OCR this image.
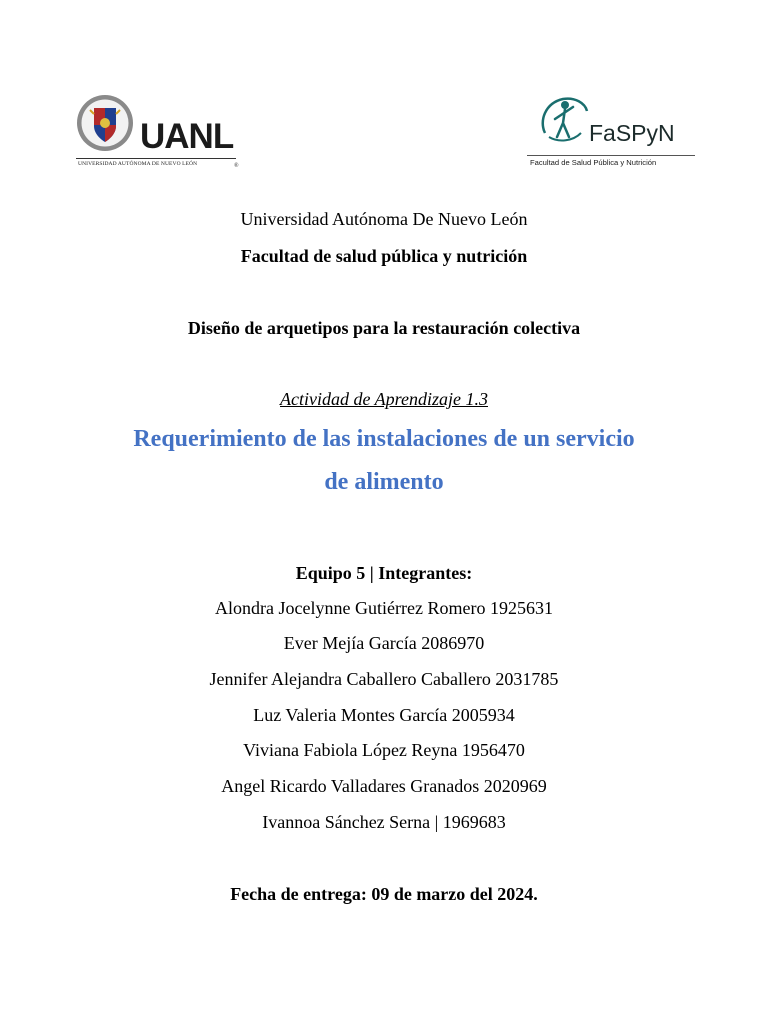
UANL
UNIVERSIDAD AUTÓNOMA DE NUEVO LEÓN	®
FaSPyN
Facultad de Salud Pública y Nutrición
Universidad Autónoma De Nuevo León
Facultad de salud pública y nutrición
Diseño de arquetipos para la restauración colectiva
Actividad de Aprendizaje 1.3
Requerimiento de las instalaciones de un servicio
de alimento
Equipo 5 | Integrantes:
Alondra Jocelynne Gutiérrez Romero 1925631
Ever Mejía García 2086970
Jennifer Alejandra Caballero Caballero 2031785
Luz Valeria Montes García 2005934
Viviana Fabiola López Reyna 1956470
Angel Ricardo Valladares Granados 2020969
Ivannoa Sánchez Serna | 1969683
Fecha de entrega: 09 de marzo del 2024.
